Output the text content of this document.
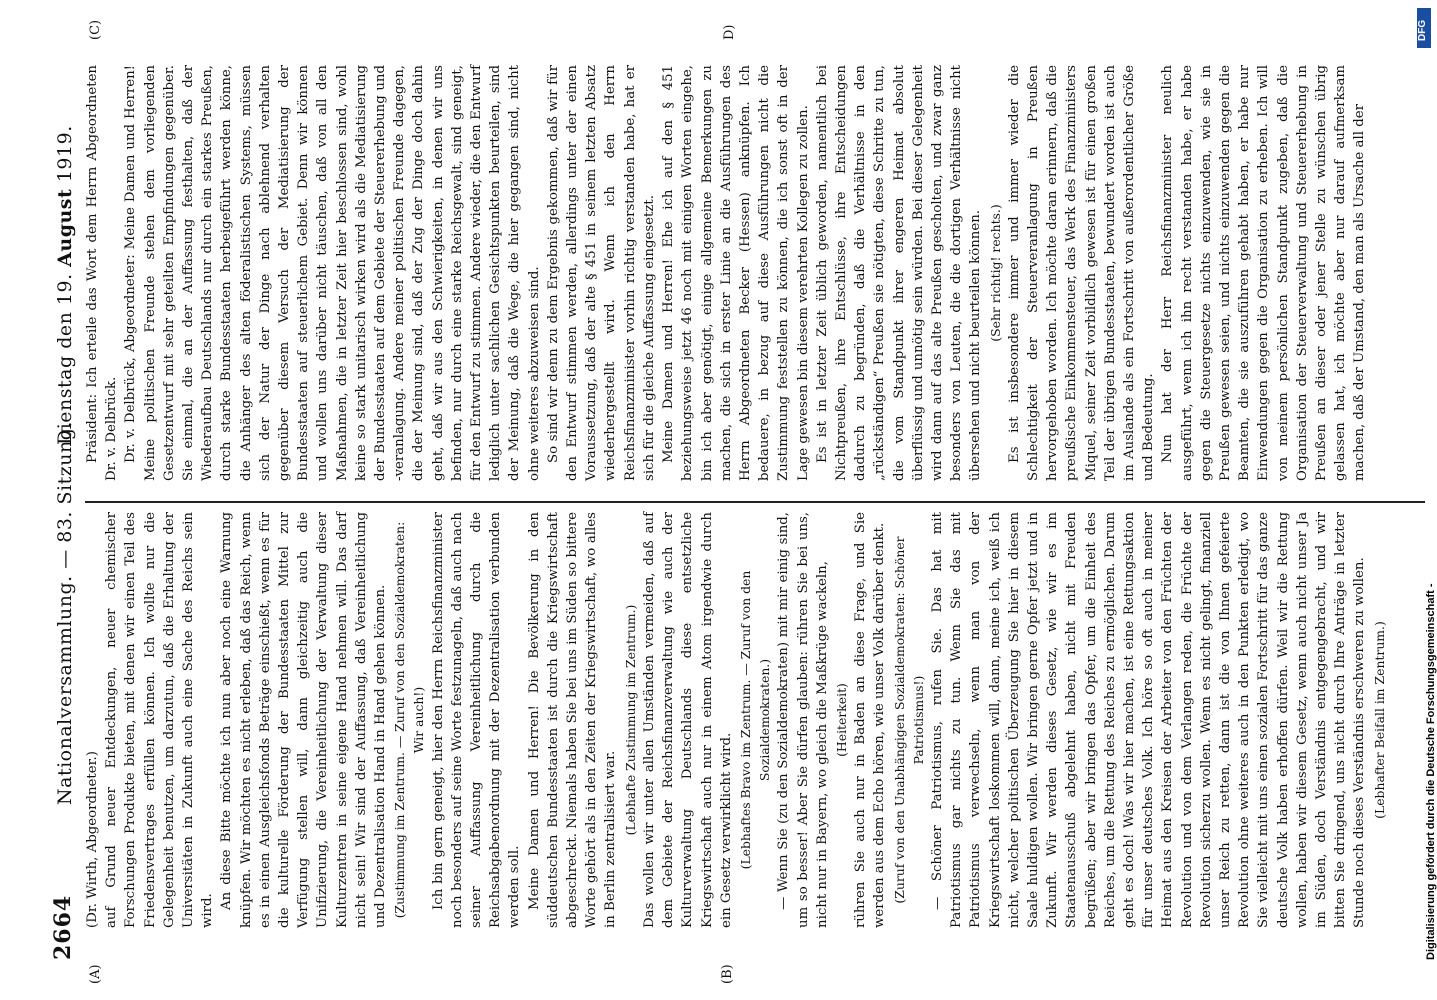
2664
Nationalversammlung. — 83. Sitzung.
Dienstag den 19. August 1919.
(A)	(B)
(C)	D)

(Dr. Wirth, Abgeordneter.) auf Grund neuer Entdeckungen, neuer chemischer Forschungen Produkte bieten, mit denen wir einen Teil des Friedensvertrages erfüllen können. Ich wollte nur die Gelegenheit benutzen, um darzutun, daß die Erhaltung der Universitäten in Zukunft auch eine Sache des Reichs sein wird.

An diese Bitte möchte ich nun aber noch eine Warnung knüpfen. Wir möchten es nicht erleben, daß das Reich, wenn es in einen Ausgleichsfonds Beträge einschießt, wenn es für die kulturelle Förderung der Bundesstaaten Mittel zur Verfügung stellen will, dann gleichzeitig auch die Unifizierung, die Vereinheitlichung der Verwaltung dieser Kulturzentren in seine eigene Hand nehmen will. Das darf nicht sein! Wir sind der Auffassung, daß Vereinheitlichung und Dezentralisation Hand in Hand gehen können. (Zustimmung im Zentrum. — Zuruf von den Sozialdemokraten: Wir auch!) Ich bin gern geneigt, hier den Herrn Reichsfinanzminister noch besonders auf seine Worte festzunageln, daß auch nach seiner Auffassung Vereinheitlichung durch die Reichsabgabenordnung mit der Dezentralisation verbunden werden soll. Meine Damen und Herren! Die Bevölkerung in den süddeutschen Bundesstaaten ist durch die Kriegswirtschaft abgeschreckt. Niemals haben Sie bei uns im Süden so bittere Worte gehört als in den Zeiten der Kriegswirtschaft, wo alles in Berlin zentralisiert war.

(Lebhafte Zustimmung im Zentrum.) Das wollen wir unter allen Umständen vermeiden, daß auf dem Gebiete der Reichsfinanzverwaltung wie auch der Kulturverwaltung Deutschlands diese entsetzliche Kriegswirtschaft auch nur in einem Atom irgendwie durch ein Gesetz verwirklicht wird. (Lebhaftes Bravo im Zentrum. — Zuruf von den Sozialdemokraten.) — Wenn Sie (zu den Sozialdemokraten) mit mir einig sind, um so besser! Aber Sie dürfen glauben: rühren Sie bei uns, nicht nur in Bayern, wo gleich die Maßkrüge wackeln, (Heiterkeit) rühren Sie auch nur in Baden an diese Frage, und Sie werden aus dem Echo hören, wie unser Volk darüber denkt. (Zuruf von den Unabhängigen Sozialdemokraten: Schöner Patriotismus!) — Schöner Patriotismus, rufen Sie. Das hat mit Patriotismus gar nichts zu tun. Wenn Sie das mit Patriotismus verwechseln, wenn man von der Kriegswirtschaft loskommen will, dann, meine ich, weiß ich nicht, welcher politischen Überzeugung Sie hier in diesem Saale huldigen wollen. Wir bringen gerne Opfer jetzt und in Zukunft. Wir werden dieses Gesetz, wie wir es im Staatenausschuß abgelehnt haben, nicht mit Freuden begrüßen; aber wir bringen das Opfer, um die Einheit des Reiches, um die Rettung des Reiches zu ermöglichen. Darum geht es doch! Was wir hier machen, ist eine Rettungsaktion für unser deutsches Volk. Ich höre so oft auch in meiner Heimat aus den Kreisen der Arbeiter von den Früchten der Revolution und von dem Verlangen reden, die Früchte der Revolution sicherzu wollen. Wenn es nicht gelingt, finanziell unser Reich zu retten, dann ist die von Ihnen gefeierte Revolution ohne weiteres auch in den Punkten erledigt, wo Sie vielleicht mit uns einen sozialen Fortschritt für das ganze deutsche Volk haben erhoffen dürfen. Weil wir die Rettung wollen, haben wir diesem Gesetz, wenn auch nicht unser Ja im Süden, doch Verständnis entgegengebracht, und wir bitten Sie dringend, uns nicht durch Ihre Anträge in letzter Stunde noch dieses Verständnis erschweren zu wollen. (Lebhafter Beifall im Zentrum.)

Präsident: Ich erteile das Wort dem Herrn Abgeordneten Dr. v. Delbrück. Dr. v. Delbrück, Abgeordneter: Meine Damen und Herren! Meine politischen Freunde stehen dem vorliegenden Gesetzentwurf mit sehr geteilten Empfindungen gegenüber. Sie einmal, die an der Auffassung festhalten, daß der Wiederaufbau Deutschlands nur durch ein starkes Preußen, durch starke Bundesstaaten herbeigeführt werden könne, die Anhänger des alten föderalistischen Systems, müssen sich der Natur der Dinge nach ablehnend verhalten gegenüber diesem Versuch der Mediatisierung der Bundesstaaten auf steuerlichem Gebiet. Denn wir können und wollen uns darüber nicht täuschen, daß von all den Maßnahmen, die in letzter Zeit hier beschlossen sind, wohl keine so stark unitarisch wirken wird als die Mediatisierung der Bundesstaaten auf dem Gebiete der Steuererhebung und -veranlagung. Andere meiner politischen Freunde dagegen, die der Meinung sind, daß der Zug der Dinge doch dahin geht, daß wir aus den Schwierigkeiten, in denen wir uns befinden, nur durch eine starke Reichsgewalt, sind geneigt, für den Entwurf zu stimmen. Andere wieder, die den Entwurf lediglich unter sachlichen Gesichtspunkten beurteilen, sind der Meinung, daß die Wege, die hier gegangen sind, nicht ohne weiteres abzuweisen sind. So sind wir denn zu dem Ergebnis gekommen, daß wir für den Entwurf stimmen werden, allerdings unter der einen Voraussetzung, daß der alte § 451 in seinem letzten Absatz wiederhergestellt wird. Wenn ich den Herrn Reichsfinanzminister vorhin richtig verstanden habe, hat er sich für die gleiche Auffassung eingesetzt. Meine Damen und Herren! Ehe ich auf den § 451 beziehungsweise jetzt 46 noch mit einigen Worten eingehe, bin ich aber genötigt, einige allgemeine Bemerkungen zu machen, die sich in erster Linie an die Ausführungen des Herrn Abgeordneten Becker (Hessen) anknüpfen. Ich bedauere, in bezug auf diese Ausführungen nicht die Zustimmung feststellen zu können, die ich sonst oft in der Lage gewesen bin diesem verehrten Kollegen zu zollen. Es ist in letzter Zeit üblich geworden, namentlich bei Nichtpreußen, ihre Entschlüsse, ihre Entscheidungen dadurch zu begründen, daß die Verhältnisse in den „rückständigen“ Preußen sie nötigten, diese Schritte zu tun, die vom Standpunkt ihrer engeren Heimat absolut überflüssig und unnötig sein würden. Bei dieser Gelegenheit wird dann auf das alte Preußen gescholten, und zwar ganz besonders von Leuten, die die dortigen Verhältnisse nicht übersehen und nicht beurteilen können. (Sehr richtig! rechts.) Es ist insbesondere immer und immer wieder die Schlechtigkeit der Steuerveranlagung in Preußen hervorgehoben worden. Ich möchte daran erinnern, daß die preußische Einkommensteuer, das Werk des Finanzministers Miquel, seiner Zeit vorbildlich gewesen ist für einen großen Teil der übrigen Bundesstaaten, bewundert worden ist auch im Auslande als ein Fortschritt von außerordentlicher Größe und Bedeutung. Nun hat der Herr Reichsfinanzminister neulich ausgeführt, wenn ich ihn recht verstanden habe, er habe gegen die Steuergesetze nichts einzuwenden, wie sie in Preußen gewesen seien, und nichts einzuwenden gegen die Beamten, die sie auszuführen gehabt haben, er habe nur Einwendungen gegen die Organisation zu erheben. Ich will von meinem persönlichen Standpunkt zugeben, daß die Organisation der Steuerverwaltung und Steuererhebung in Preußen an dieser oder jener Stelle zu wünschen übrig gelassen hat, ich möchte aber nur darauf aufmerksam machen, daß der Umstand, den man als Ursache all der

DFG
Digitalisierung gefördert durch die Deutsche Forschungsgemeinschaft -
